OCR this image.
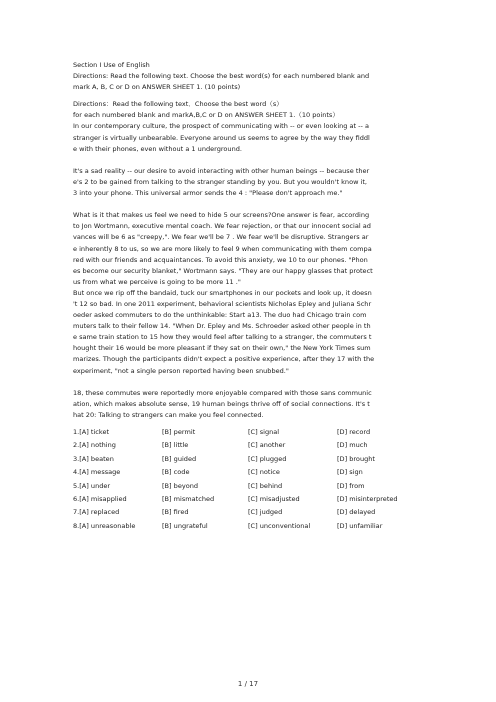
Section Ⅰ Use of English

Directions: Read the following text. Choose the best word(s) for each numbered blank and

mark A, B, C or D on ANSWER SHEET 1. (10 points)

Directions：Read the following text．Choose the best word（s）

for each numbered blank and markA,B,C or D on ANSWER SHEET 1.（10 points）

In our contemporary culture, the prospect of communicating with -- or even looking at -- a

stranger is virtually unbearable. Everyone around us seems to agree by the way they fiddl

e with their phones, even without a 1 underground.

It's a sad reality -- our desire to avoid interacting with other human beings -- because ther

e's 2 to be gained from talking to the stranger standing by you. But you wouldn't know it,

3 into your phone. This universal armor sends the 4 : "Please don't approach me."

What is it that makes us feel we need to hide 5 our screens?One answer is fear, according

to Jon Wortmann, executive mental coach. We fear rejection, or that our innocent social ad

vances will be 6 as "creepy,". We fear we'll be 7 . We fear we'll be disruptive. Strangers ar

e inherently 8 to us, so we are more likely to feel 9 when communicating with them compa

red with our friends and acquaintances. To avoid this anxiety, we 10 to our phones. "Phon

es become our security blanket," Wortmann says. "They are our happy glasses that protect

us from what we perceive is going to be more 11 ."

But once we rip off the bandaid, tuck our smartphones in our pockets and look up, it doesn

't 12 so bad. In one 2011 experiment, behavioral scientists Nicholas Epley and Juliana Schr

oeder asked commuters to do the unthinkable: Start a13. The duo had Chicago train com

muters talk to their fellow 14. "When Dr. Epley and Ms. Schroeder asked other people in th

e same train station to 15 how they would feel after talking to a stranger, the commuters t

hought their 16 would be more pleasant if they sat on their own," the New York Times sum

marizes. Though the participants didn't expect a positive experience, after they 17 with the

experiment, "not a single person reported having been snubbed."

18, these commutes were reportedly more enjoyable compared with those sans communic

ation, which makes absolute sense, 19 human beings thrive off of social connections. It's t

hat 20: Talking to strangers can make you feel connected.

1.[A] ticket	[B] permit	[C] signal	[D] record
2.[A] nothing	[B] little	[C] another	[D] much
3.[A] beaten	[B] guided	[C] plugged	[D] brought
4.[A] message	[B] code	[C] notice	[D] sign
5.[A] under	[B] beyond	[C] behind	[D] from
6.[A] misapplied	[B] mismatched	[C] misadjusted	[D] misinterpreted
7.[A] replaced	[B] fired	[C] judged	[D] delayed
8.[A] unreasonable	[B] ungrateful	[C] unconventional	[D] unfamiliar
1 / 17
